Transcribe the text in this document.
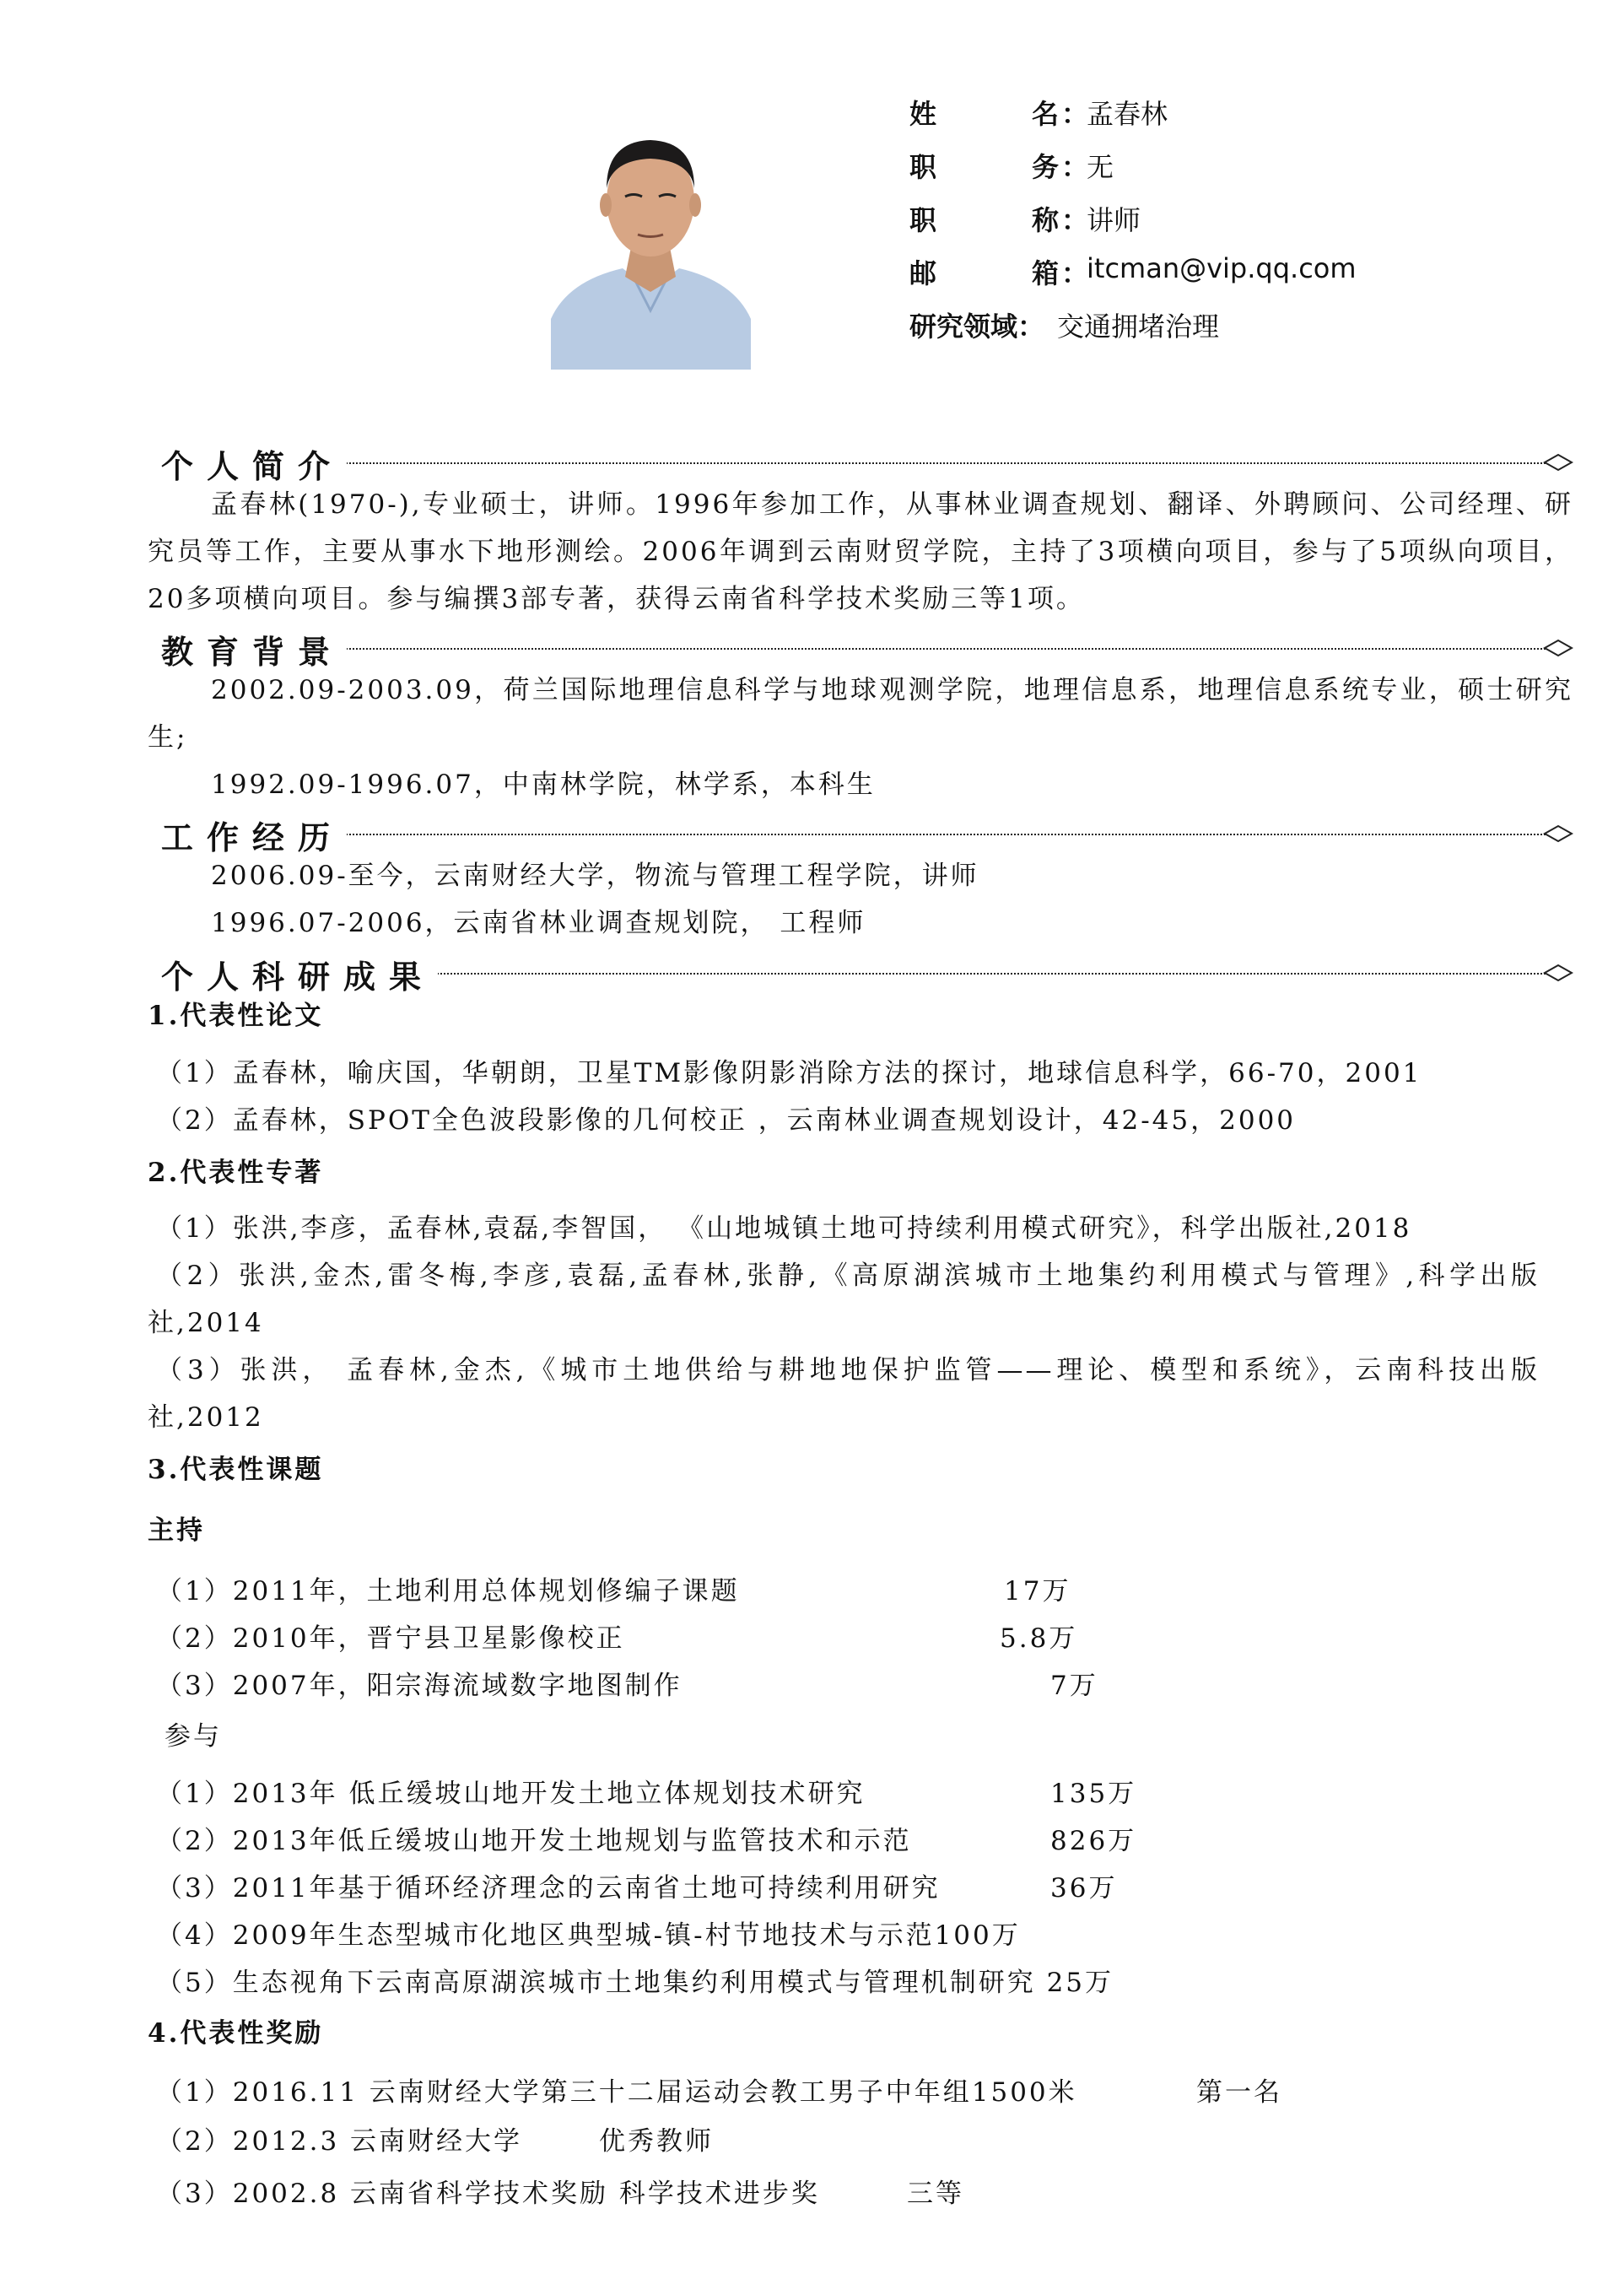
姓	名 ：
孟春林
职	务 ：
无
职	称 ：
讲师
邮	箱 ：
itcman@vip.qq.com
研究领域： 交通拥堵治理
个人简介

孟春林(1970-),专业硕士，讲师。1996年参加工作，从事林业调查规划、翻译、外聘顾问、公司经理、研究员等工作，主要从事水下地形测绘。2006年调到云南财贸学院，主持了3项横向项目，参与了5项纵向项目，20多项横向项目。参与编撰3部专著，获得云南省科学技术奖励三等1项。

教育背景

2002.09-2003.09，荷兰国际地理信息科学与地球观测学院，地理信息系，地理信息系统专业，硕士研究生;

1992.09-1996.07，中南林学院，林学系，本科生
工作经历
2006.09-至今，云南财经大学，物流与管理工程学院，讲师
1996.07-2006，云南省林业调查规划院， 工程师
个人科研成果
1.代表性论文
（1）孟春林，喻庆国，华朝朗，卫星TM影像阴影消除方法的探讨，地球信息科学，66-70，2001
（2）孟春林，SPOT全色波段影像的几何校正 ，云南林业调查规划设计，42-45，2000
2.代表性专著
（1）张洪,李彦，孟春林,袁磊,李智国， 《山地城镇土地可持续利用模式研究》，科学出版社,2018
（2）张洪,金杰,雷冬梅,李彦,袁磊,孟春林,张静,《高原湖滨城市土地集约利用模式与管理》,科学出版社,2014
（3）张洪， 孟春林,金杰,《城市土地供给与耕地地保护监管——理论、模型和系统》，云南科技出版社,2012
3.代表性课题
主持
（1）2011年，土地利用总体规划修编子课题	17万
（2）2010年，晋宁县卫星影像校正	5.8万
（3）2007年，阳宗海流域数字地图制作	7万
参与
（1）2013年 低丘缓坡山地开发土地立体规划技术研究	135万
（2）2013年低丘缓坡山地开发土地规划与监管技术和示范	826万
（3）2011年基于循环经济理念的云南省土地可持续利用研究	36万
（4）2009年生态型城市化地区典型城-镇-村节地技术与示范100万
（5）生态视角下云南高原湖滨城市土地集约利用模式与管理机制研究 25万
4.代表性奖励
（1）2016.11 云南财经大学第三十二届运动会教工男子中年组1500米	第一名
（2）2012.3 云南财经大学	优秀教师
（3）2002.8 云南省科学技术奖励 科学技术进步奖	三等
